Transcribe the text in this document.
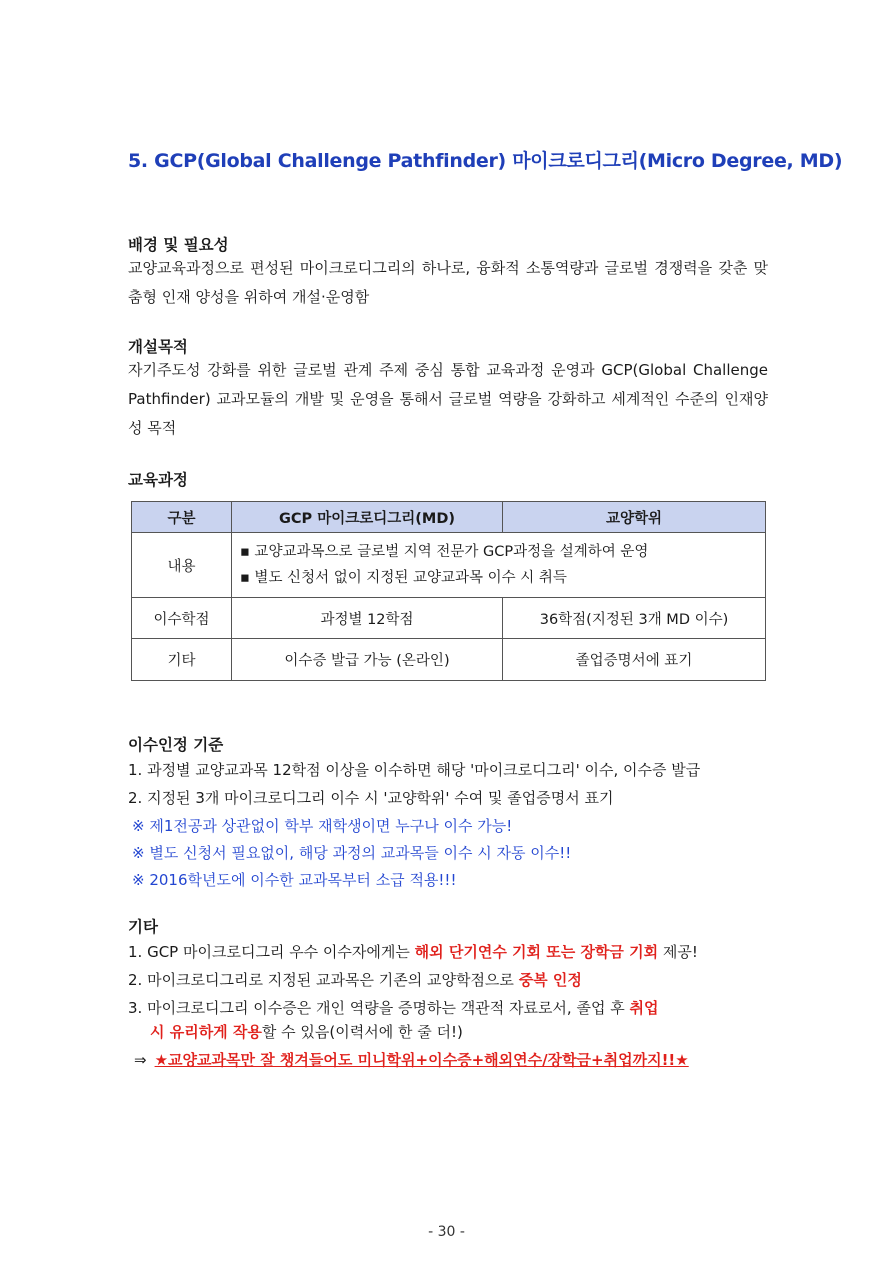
5. GCP(Global Challenge Pathfinder) 마이크로디그리(Micro Degree, MD)
배경 및 필요성
교양교육과정으로 편성된 마이크로디그리의 하나로, 융화적 소통역량과 글로벌 경쟁력을 갖춘 맞춤형 인재 양성을 위하여 개설·운영함
개설목적
자기주도성 강화를 위한 글로벌 관계 주제 중심 통합 교육과정 운영과 GCP(Global Challenge Pathfinder) 교과모듈의 개발 및 운영을 통해서 글로벌 역량을 강화하고 세계적인 수준의 인재양성 목적
교육과정
구분	GCP 마이크로디그리(MD)	교양학위
내용	▪ 교양교과목으로 글로벌 지역 전문가 GCP과정을 설계하여 운영
▪ 별도 신청서 없이 지정된 교양교과목 이수 시 취득	

이수학점	과정별 12학점	36학점(지정된 3개 MD 이수)
기타	이수증 발급 가능 (온라인)	졸업증명서에 표기
이수인정 기준
1. 과정별 교양교과목 12학점 이상을 이수하면 해당 '마이크로디그리' 이수, 이수증 발급
2. 지정된 3개 마이크로디그리 이수 시 '교양학위' 수여 및 졸업증명서 표기
※ 제1전공과 상관없이 학부 재학생이면 누구나 이수 가능!
※ 별도 신청서 필요없이, 해당 과정의 교과목들 이수 시 자동 이수!!
※ 2016학년도에 이수한 교과목부터 소급 적용!!!
기타
1. GCP 마이크로디그리 우수 이수자에게는 해외 단기연수 기회 또는 장학금 기회 제공!
2. 마이크로디그리로 지정된 교과목은 기존의 교양학점으로 중복 인정
3. 마이크로디그리 이수증은 개인 역량을 증명하는 객관적 자료로서, 졸업 후 취업
시 유리하게 작용할 수 있음(이력서에 한 줄 더!)
⇒ ★교양교과목만 잘 챙겨들어도 미니학위+이수증+해외연수/장학금+취업까지!!★
- 30 -
